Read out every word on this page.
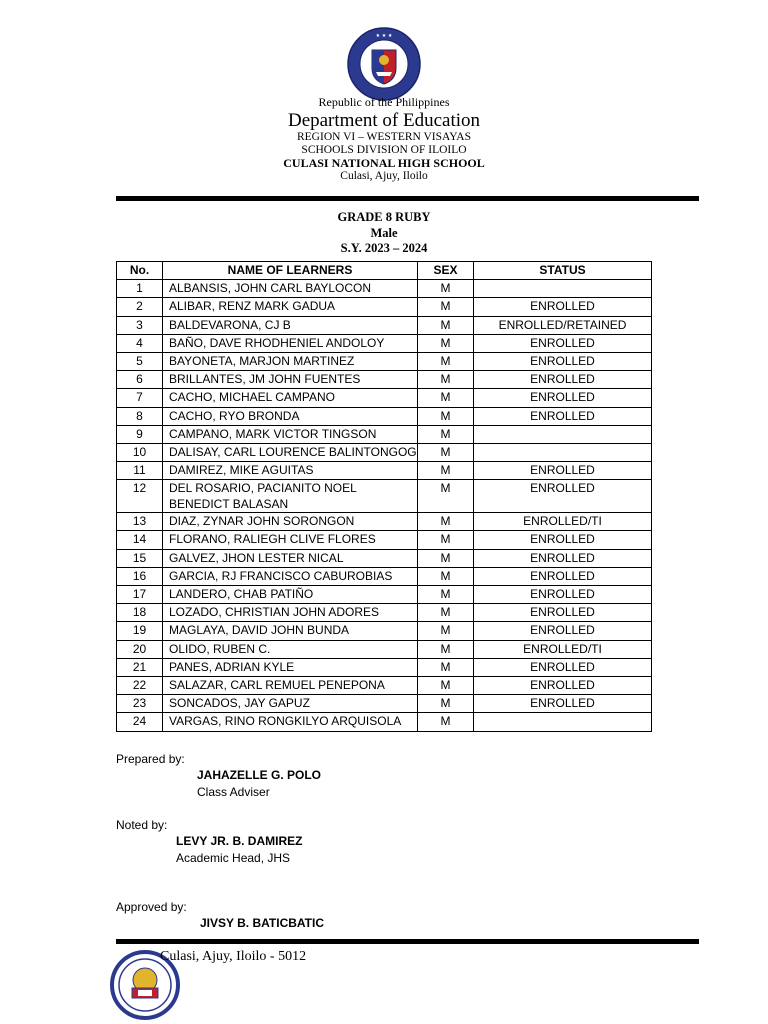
★ ★ ★
Republic of the Philippines
Department of Education
REGION VI – WESTERN VISAYAS
SCHOOLS DIVISION OF ILOILO
CULASI NATIONAL HIGH SCHOOL
Culasi, Ajuy, Iloilo
GRADE 8 RUBY
Male
S.Y. 2023 – 2024
No.	NAME OF LEARNERS	SEX	STATUS
1	ALBANSIS, JOHN CARL BAYLOCON	M	
2	ALIBAR, RENZ MARK GADUA	M	ENROLLED
3	BALDEVARONA, CJ B	M	ENROLLED/RETAINED
4	BAÑO, DAVE RHODHENIEL ANDOLOY	M	ENROLLED
5	BAYONETA, MARJON MARTINEZ	M	ENROLLED
6	BRILLANTES, JM JOHN FUENTES	M	ENROLLED
7	CACHO, MICHAEL CAMPANO	M	ENROLLED
8	CACHO, RYO BRONDA	M	ENROLLED
9	CAMPANO, MARK VICTOR TINGSON	M	
10	DALISAY, CARL LOURENCE BALINTONGOG	M	
11	DAMIREZ, MIKE AGUITAS	M	ENROLLED
12	DEL ROSARIO, PACIANITO NOEL
BENEDICT BALASAN	M	ENROLLED
13	DIAZ, ZYNAR JOHN SORONGON	M	ENROLLED/TI
14	FLORANO, RALIEGH CLIVE FLORES	M	ENROLLED
15	GALVEZ, JHON LESTER NICAL	M	ENROLLED
16	GARCIA, RJ FRANCISCO CABUROBIAS	M	ENROLLED
17	LANDERO, CHAB PATIÑO	M	ENROLLED
18	LOZADO, CHRISTIAN JOHN ADORES	M	ENROLLED
19	MAGLAYA, DAVID JOHN BUNDA	M	ENROLLED
20	OLIDO, RUBEN C.	M	ENROLLED/TI
21	PANES, ADRIAN KYLE	M	ENROLLED
22	SALAZAR, CARL REMUEL PENEPONA	M	ENROLLED
23	SONCADOS, JAY GAPUZ	M	ENROLLED
24	VARGAS, RINO RONGKILYO ARQUISOLA	M	
Prepared by:
JAHAZELLE G. POLO
Class Adviser
Noted by:
LEVY JR. B. DAMIREZ
Academic Head, JHS
Approved by:
JIVSY B. BATICBATIC
Culasi, Ajuy, Iloilo - 5012
